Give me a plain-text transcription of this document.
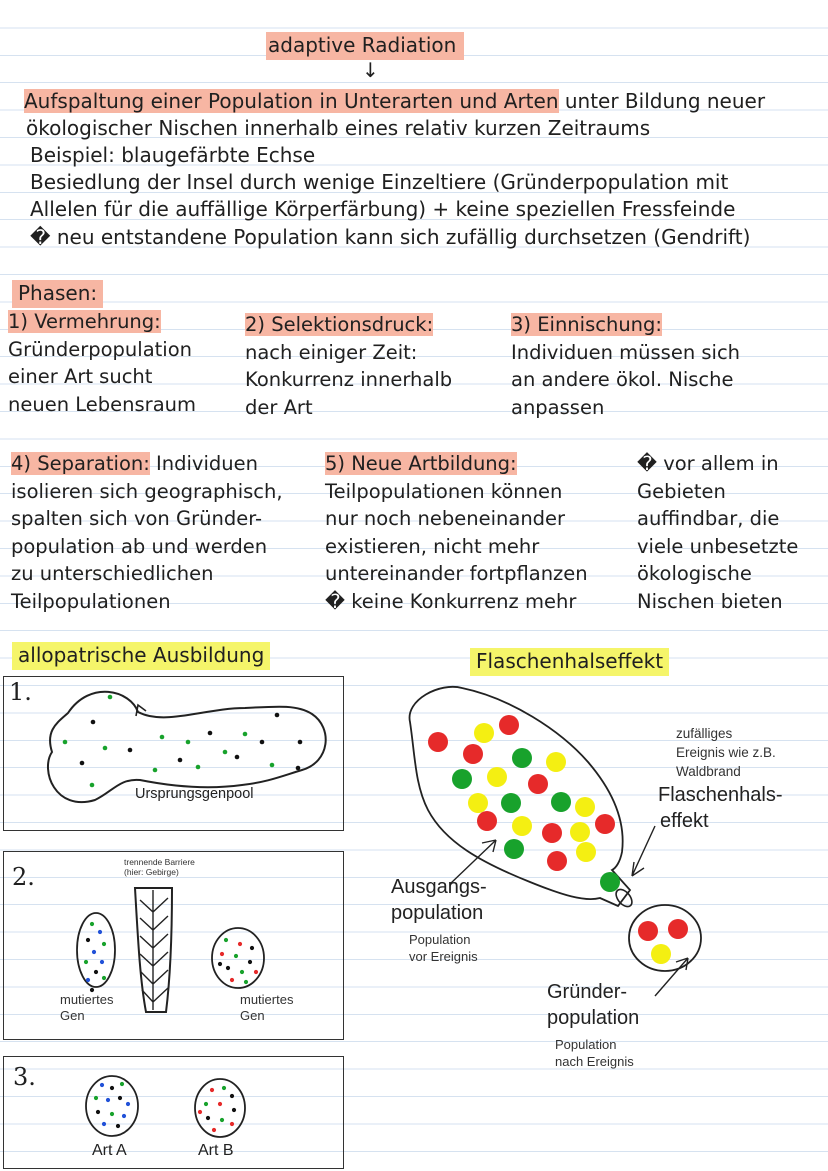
adaptive Radiation
↓
Aufspaltung einer Population in Unterarten und Arten unter Bildung neuer
ökologischer Nischen innerhalb eines relativ kurzen Zeitraums
Beispiel: blaugefärbte Echse
Besiedlung der Insel durch wenige Einzeltiere (Gründerpopulation mit
Allelen für die auffällige Körperfärbung) + keine speziellen Fressfeinde
� neu entstandene Population kann sich zufällig durchsetzen (Gendrift)
Phasen:
1) Vermehrung:
Gründerpopulation
einer Art sucht
neuen Lebensraum
2) Selektionsdruck:
nach einiger Zeit:
Konkurrenz innerhalb
der Art
3) Einnischung:
Individuen müssen sich
an andere ökol. Nische
anpassen
4) Separation: Individuen
isolieren sich geographisch,
spalten sich von Gründer-
population ab und werden
zu unterschiedlichen
Teilpopulationen
5) Neue Artbildung:
Teilpopulationen können
nur noch nebeneinander
existieren, nicht mehr
untereinander fortpflanzen
� keine Konkurrenz mehr
� vor allem in
Gebieten
auffindbar, die
viele unbesetzte
ökologische
Nischen bieten
allopatrische Ausbildung
1.
Ursprungsgenpool
2.
trennende Barriere
(hier: Gebirge)
mutiertes
Gen
mutiertes
Gen
3.
Art A	Art B
Flaschenhalseffekt
zufälliges
Ereignis wie z.B.
Waldbrand
Flaschenhals-
effekt
Ausgangs-
population
Population
vor Ereignis
Gründer-
population
Population
nach Ereignis
